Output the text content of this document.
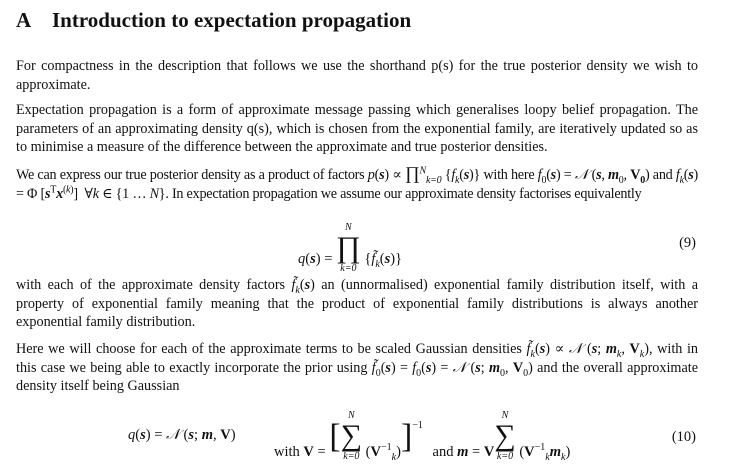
A Introduction to expectation propagation

For compactness in the description that follows we use the shorthand p(s) for the true posterior density we wish to approximate.

Expectation propagation is a form of approximate message passing which generalises loopy belief propagation. The parameters of an approximating density q(s), which is chosen from the exponential family, are iteratively updated so as to minimise a measure of the difference between the approximate and true posterior densities.

We can express our true posterior density as a product of factors p(s) ∝ ∏$^N_{k=0}$ $\{f_k(s)\}$ with here $f_0(s)$ = 𝒩 (s, $m_0$, $V_0$) and $f_k(s) = \Phi$ $[s^Tx^{(k)}]$  ∀k ∈ {1 … N}. In expectation propagation we assume our approximate density factorises equivalently

q(s) =
N
∏
k=0
$\{f̃_k(s)\}$
(9)

with each of the approximate density factors $f̃_k(s)$ an (unnormalised) exponential family distribution itself, with a property of exponential family meaning that the product of exponential family distributions is always another exponential family distribution.

Here we will choose for each of the approximate terms to be scaled Gaussian densities $f̃_k(s)$ ∝ 𝒩 (s; $m_k$, $V_k$), with in this case we being able to exactly incorporate the prior using $f̃_0(s) = f_0(s)$ = 𝒩 (s; $m_0$, $V_0$) and the overall approximate density itself being Gaussian

q(s) = 𝒩 (s; m, V)
with V = [
N
∑
k=0 $(V^{-1}_k)]^{-1}$ and m = V
N
∑
k=0 $(V^{-1}_km_k)$
(10)
